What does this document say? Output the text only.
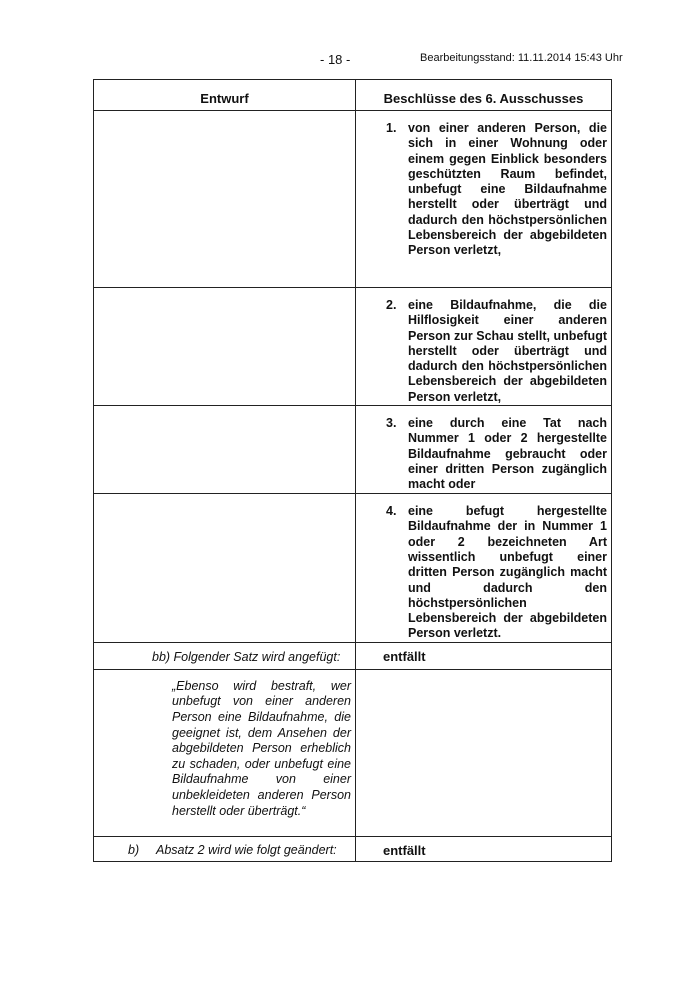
- 18 -	Bearbeitungsstand: 11.11.2014 15:43 Uhr
Entwurf	Beschlüsse des 6. Ausschusses

	1. von einer anderen Person, die sich in einer Wohnung oder einem gegen Einblick besonders geschützten Raum befindet, unbefugt eine Bildaufnahme herstellt oder überträgt und dadurch den höchstpersönlichen Lebensbereich der abgebildeten Person verletzt,

	2. eine Bildaufnahme, die die Hilflosigkeit einer anderen Person zur Schau stellt, unbefugt herstellt oder überträgt und dadurch den höchstpersönlichen Lebensbereich der abgebildeten Person verletzt,

	3. eine durch eine Tat nach Nummer 1 oder 2 hergestellte Bildaufnahme gebraucht oder einer dritten Person zugänglich macht oder

	4. eine befugt hergestellte Bildaufnahme der in Nummer 1 oder 2 bezeichneten Art wissentlich unbefugt einer dritten Person zugänglich macht und dadurch den höchstpersönlichen Lebensbereich der abgebildeten Person verletzt.

bb) Folgender Satz wird angefügt:	entfällt

„Ebenso wird bestraft, wer unbefugt von einer anderen Person eine Bildaufnahme, die geeignet ist, dem Ansehen der abgebildeten Person erheblich zu schaden, oder unbefugt eine Bildaufnahme von einer unbekleideten anderen Person herstellt oder überträgt.“	

b) Absatz 2 wird wie folgt geändert:	entfällt
